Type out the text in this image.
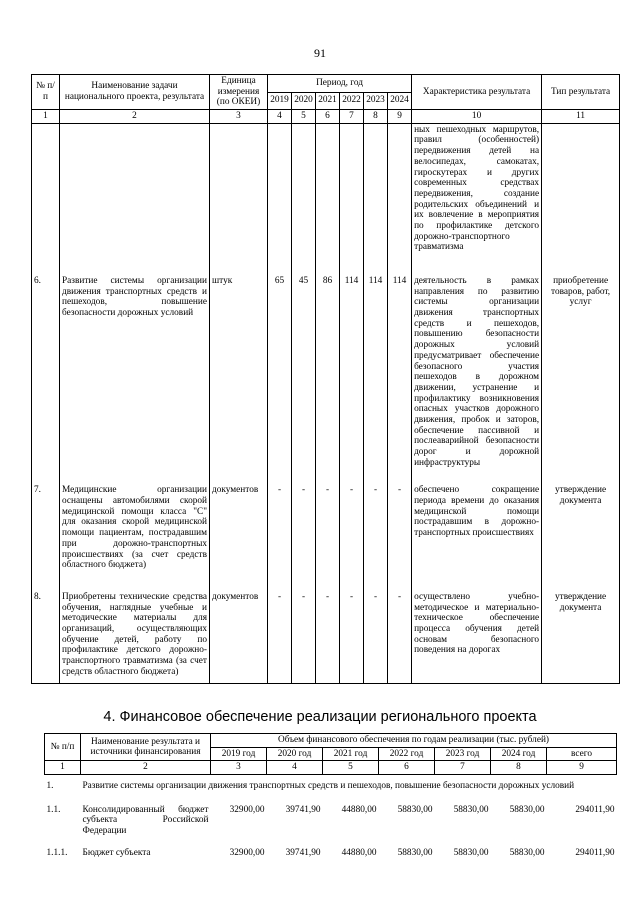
91
№ п/п	Наименование задачи национального проекта, результата	Единица измерения (по ОКЕИ)	Период, год						Характеристика результата	Тип результата
			2019	2020	2021	2022	2023	2024		
1	2	3	4	5	6	7	8	9	10	11
									ных пешеходных маршрутов, правил (особенностей) передвижения детей на велосипедах, самокатах, гироскутерах и других современных средствах передвижения, создание родительских объединений и их вовлечение в мероприятия по профилактике детского дорожно-транспортного травматизма	
6.	Развитие системы организации движения транспортных средств и пешеходов, повышение безопасности дорожных условий	штук	65	45	86	114	114	114	деятельность в рамках направления по развитию системы организации движения транспортных средств и пешеходов, повышению безопасности дорожных условий предусматривает обеспечение безопасного участия пешеходов в дорожном движении, устранение и профилактику возникновения опасных участков дорожного движения, пробок и заторов, обеспечение пассивной и послеаварийной безопасности дорог и дорожной инфраструктуры	приобретение товаров, работ, услуг
7.	Медицинские организации оснащены автомобилями скорой медицинской помощи класса "С" для оказания скорой медицинской помощи пациентам, пострадавшим при дорожно-транспортных происшествиях (за счет средств областного бюджета)	документов	-	-	-	-	-	-	обеспечено сокращение периода времени до оказания медицинской помощи пострадавшим в дорожно-транспортных происшествиях	утверждение документа
8.	Приобретены технические средства обучения, наглядные учебные и методические материалы для организаций, осуществляющих обучение детей, работу по профилактике детского дорожно-транспортного травматизма (за счет средств областного бюджета)	документов	-	-	-	-	-	-	осуществлено учебно-методическое и материально-техническое обеспечение процесса обучения детей основам безопасного поведения на дорогах	утверждение документа
4. Финансовое обеспечение реализации регионального проекта
№ п/п	Наименование результата и источники финансирования	Объем финансового обеспечения по годам реализации (тыс. рублей)						
		2019 год	2020 год	2021 год	2022 год	2023 год	2024 год	всего
1	2	3	4	5	6	7	8	9
1.	Развитие системы организации движения транспортных средств и пешеходов, повышение безопасности дорожных условий							
1.1.	Консолидированный бюджет субъекта Российской Федерации	32900,00	39741,90	44880,00	58830,00	58830,00	58830,00	294011,90
1.1.1.	Бюджет субъекта	32900,00	39741,90	44880,00	58830,00	58830,00	58830,00	294011,90
